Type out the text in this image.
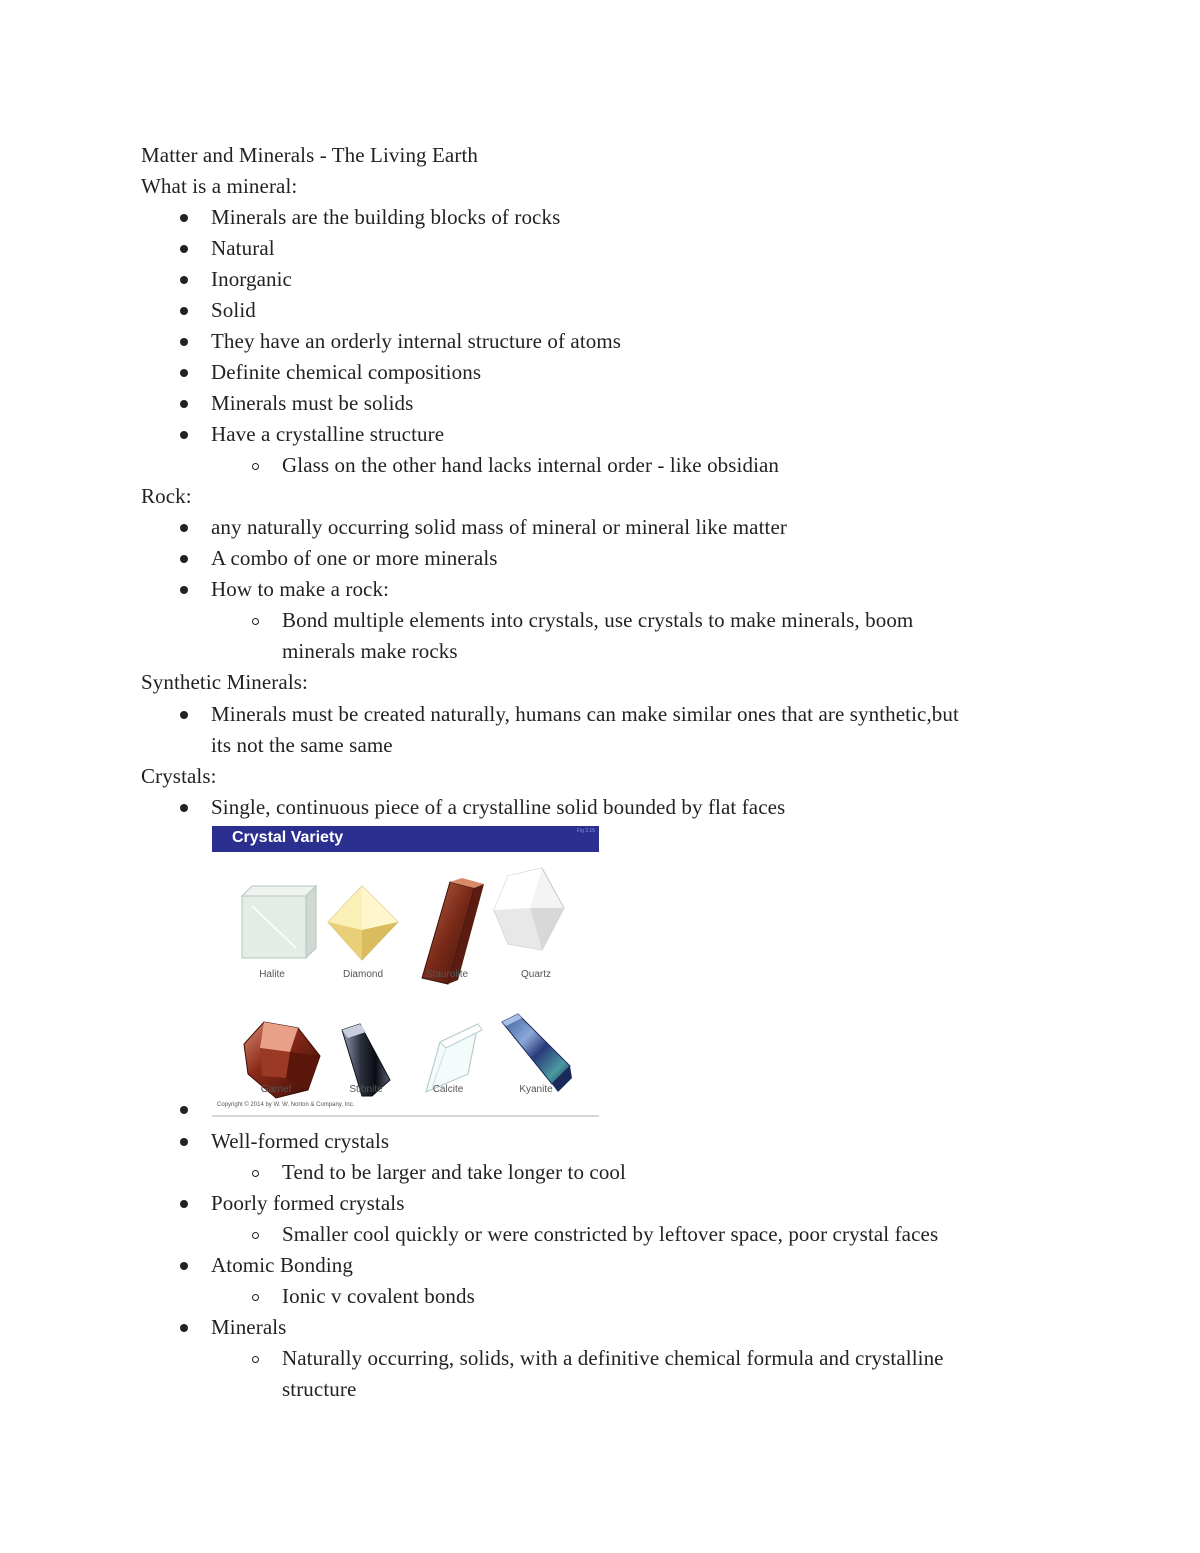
Matter and Minerals - The Living Earth
What is a mineral:
Minerals are the building blocks of rocks
Natural
Inorganic
Solid
They have an orderly internal structure of atoms
Definite chemical compositions
Minerals must be solids
Have a crystalline structure
Glass on the other hand lacks internal order - like obsidian
Rock:
any naturally occurring solid mass of mineral or mineral like matter
A combo of one or more minerals
How to make a rock:
Bond multiple elements into crystals, use crystals to make minerals, boom
minerals make rocks
Synthetic Minerals:
Minerals must be created naturally, humans can make similar ones that are synthetic,but
its not the same same
Crystals:
Single, continuous piece of a crystalline solid bounded by flat faces
Crystal Variety	Fig 3.15
Halite	Diamond	Staurolite	Quartz
Garnet	Stibnite	Calcite	Kyanite
Copyright © 2014 by W. W. Norton & Company, Inc.
Well-formed crystals
Tend to be larger and take longer to cool
Poorly formed crystals
Smaller cool quickly or were constricted by leftover space, poor crystal faces
Atomic Bonding
Ionic v covalent bonds
Minerals
Naturally occurring, solids, with a definitive chemical formula and crystalline
structure
